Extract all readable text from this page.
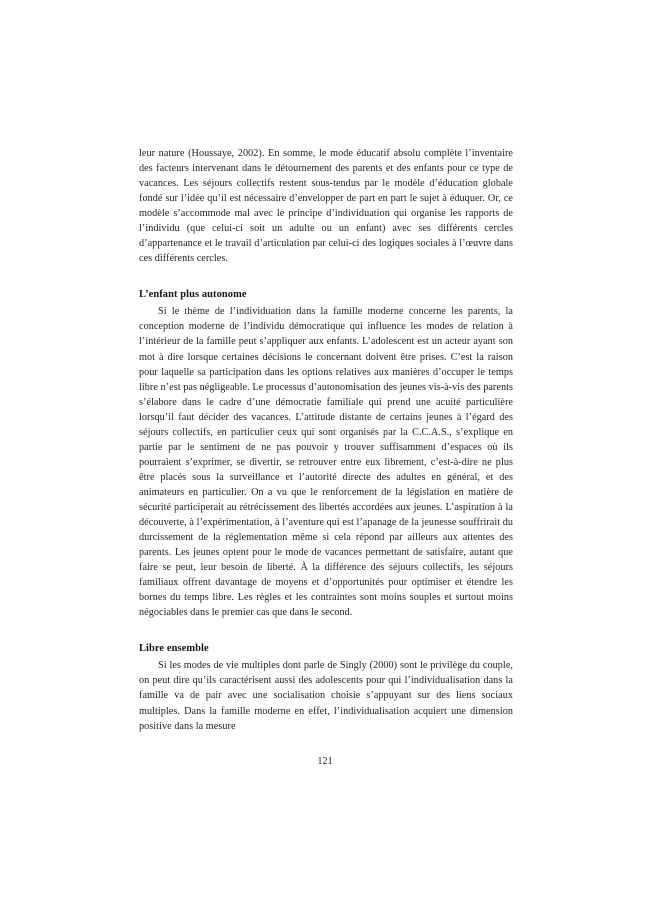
leur nature (Houssaye, 2002). En somme, le mode éducatif absolu complète l’inventaire des facteurs intervenant dans le détournement des parents et des enfants pour ce type de vacances. Les séjours collectifs restent sous-tendus par le modèle d’éducation globale fondé sur l’idée qu’il est nécessaire d’envelopper de part en part le sujet à éduquer. Or, ce modèle s’accommode mal avec le principe d’individuation qui organise les rapports de l’individu (que celui-ci soit un adulte ou un enfant) avec ses différents cercles d’appartenance et le travail d’articulation par celui-ci des logiques sociales à l’œuvre dans ces différents cercles.

L’enfant plus autonome

Si le thème de l’individuation dans la famille moderne concerne les parents, la conception moderne de l’individu démocratique qui influence les modes de relation à l’intérieur de la famille peut s’appliquer aux enfants. L’adolescent est un acteur ayant son mot à dire lorsque certaines décisions le concernant doivent être prises. C’est la raison pour laquelle sa participation dans les options relatives aux manières d’occuper le temps libre n’est pas négligeable. Le processus d’autonomisation des jeunes vis-à-vis des parents s’élabore dans le cadre d’une démocratie familiale qui prend une acuité particulière lorsqu’il faut décider des vacances. L’attitude distante de certains jeunes à l’égard des séjours collectifs, en particulier ceux qui sont organisés par la C.C.A.S., s’explique en partie par le sentiment de ne pas pouvoir y trouver suffisamment d’espaces où ils pourraient s’exprimer, se divertir, se retrouver entre eux librement, c’est-à-dire ne plus être placés sous la surveillance et l’autorité directe des adultes en général, et des animateurs en particulier. On a vu que le renforcement de la législation en matière de sécurité participerait au rétrécissement des libertés accordées aux jeunes. L’aspiration à la découverte, à l’expérimentation, à l’aventure qui est l’apanage de la jeunesse souffrirait du durcissement de la réglementation même si cela répond par ailleurs aux attentes des parents. Les jeunes optent pour le mode de vacances permettant de satisfaire, autant que faire se peut, leur besoin de liberté. À la différence des séjours collectifs, les séjours familiaux offrent davantage de moyens et d’opportunités pour optimiser et étendre les bornes du temps libre. Les règles et les contraintes sont moins souples et surtout moins négociables dans le premier cas que dans le second.

Libre ensemble

Si les modes de vie multiples dont parle de Singly (2000) sont le privilège du couple, on peut dire qu’ils caractérisent aussi des adolescents pour qui l’individualisation dans la famille va de pair avec une socialisation choisie s’appuyant sur des liens sociaux multiples. Dans la famille moderne en effet, l’individualisation acquiert une dimension positive dans la mesure

121
